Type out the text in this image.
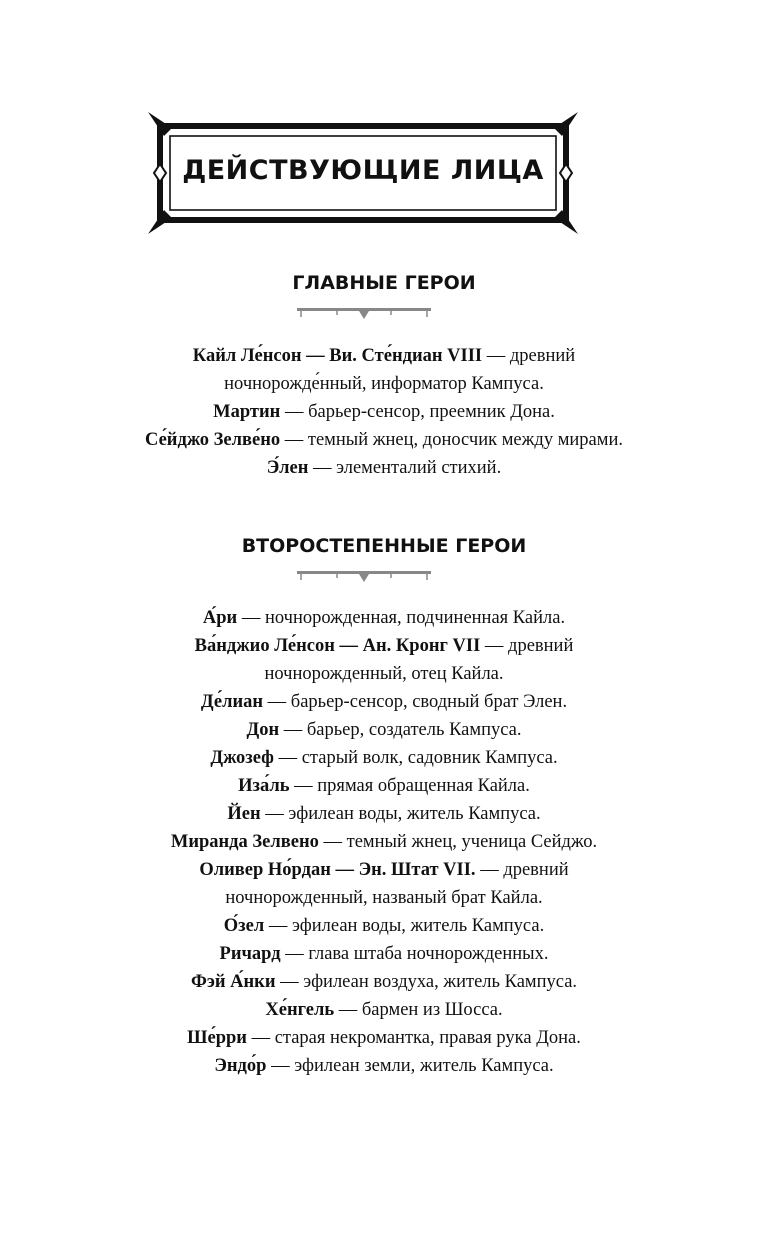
ДЕЙСТВУЮЩИЕ ЛИЦА
ГЛАВНЫЕ ГЕРОИ
Кайл Ле́нсон — Ви. Сте́ндиан VIII — древний
ночнорожде́нный, информатор Кампуса.
Мартин — барьер-сенсор, преемник Дона.
Се́йджо Зелве́но — темный жнец, доносчик между мирами.
Э́лен — элементалий стихий.
ВТОРОСТЕПЕННЫЕ ГЕРОИ
А́ри — ночнорожденная, подчиненная Кайла.
Ва́нджио Ле́нсон — Ан. Кронг VII — древний
ночнорожденный, отец Кайла.
Де́лиан — барьер-сенсор, сводный брат Элен.
Дон — барьер, создатель Кампуса.
Джозеф — старый волк, садовник Кампуса.
Иза́ль — прямая обращенная Кайла.
Йен — эфилеан воды, житель Кампуса.
Миранда Зелвено — темный жнец, ученица Сейджо.
Оливер Но́рдан — Эн. Штат VII. — древний
ночнорожденный, названый брат Кайла.
О́зел — эфилеан воды, житель Кампуса.
Ричард — глава штаба ночнорожденных.
Фэй А́нки — эфилеан воздуха, житель Кампуса.
Хе́нгель — бармен из Шосса.
Ше́рри — старая некромантка, правая рука Дона.
Эндо́р — эфилеан земли, житель Кампуса.
